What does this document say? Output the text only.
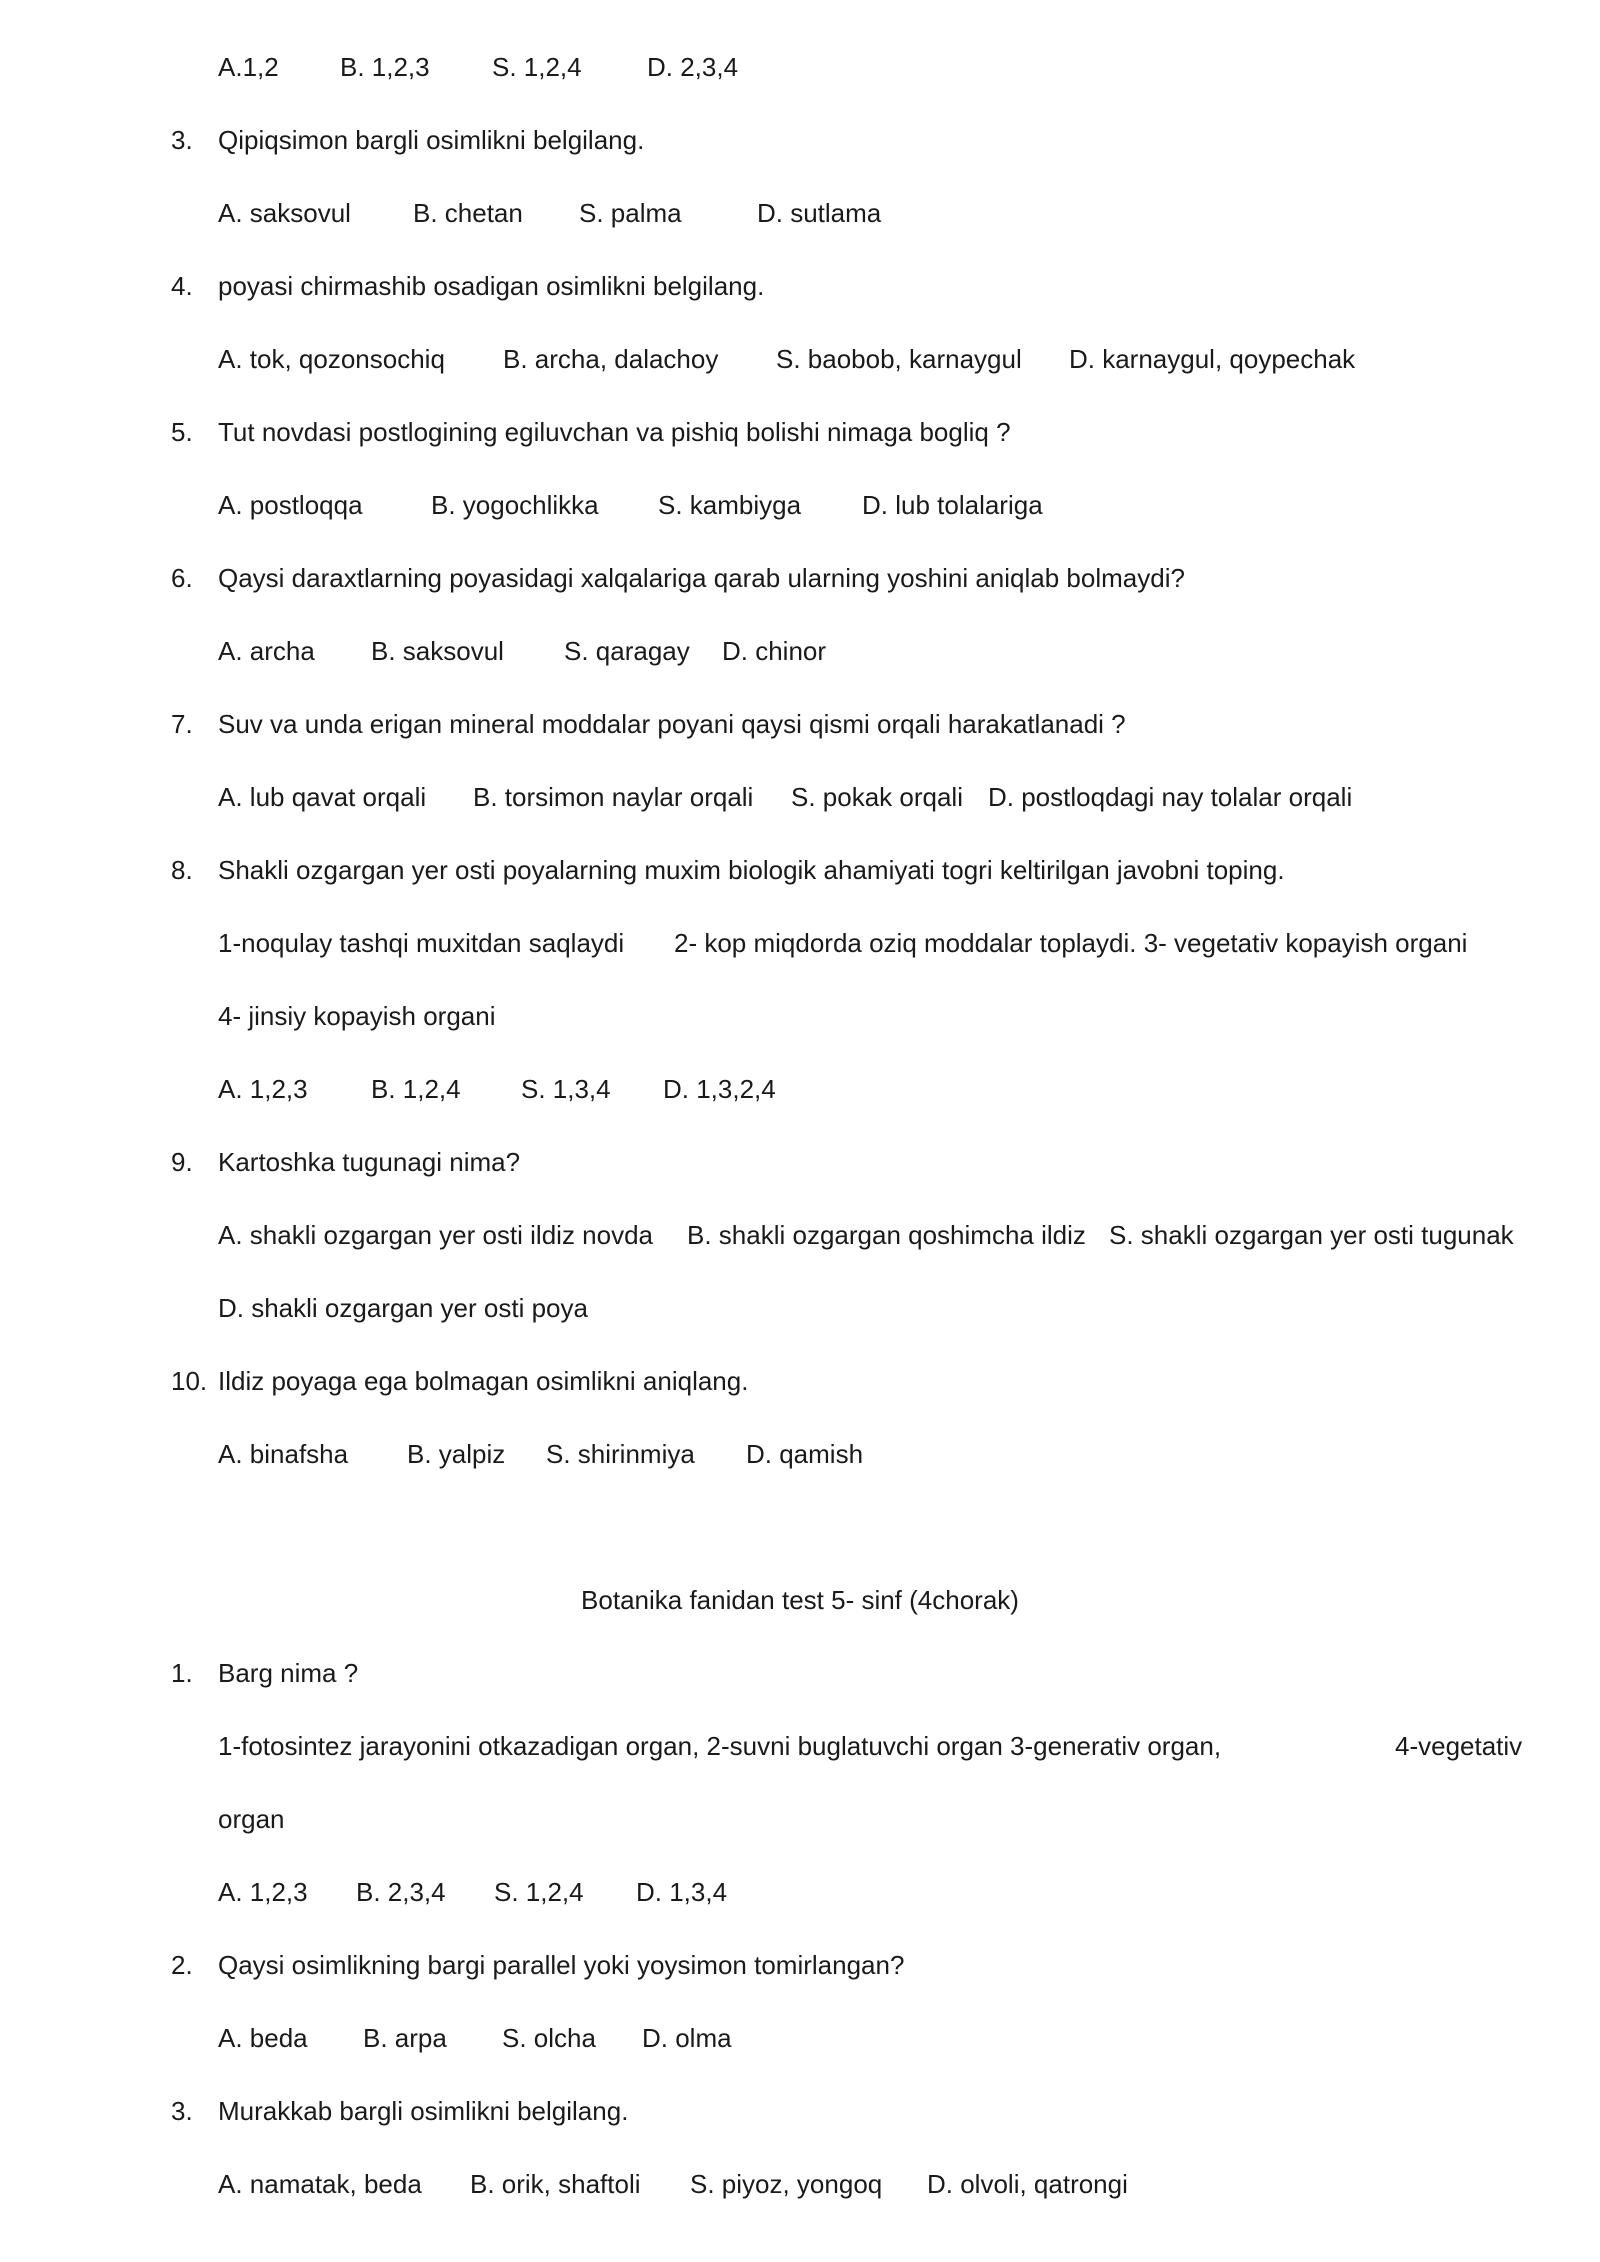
A.1,2 B. 1,2,3 S. 1,2,4	D. 2,3,4
3. Qipiqsimon bargli osimlikni belgilang.
A. saksovul B. chetan S. palma	D. sutlama
4. poyasi chirmashib osadigan osimlikni belgilang.
A. tok, qozonsochiq B. archa, dalachoy S. baobob, karnaygul D. karnaygul, qoypechak
5. Tut novdasi postlogining egiluvchan va pishiq bolishi nimaga bogliq ?
A. postloqqa	B. yogochlikka S. kambiyga D. lub tolalariga
6. Qaysi daraxtlarning poyasidagi xalqalariga qarab ularning yoshini aniqlab bolmaydi?
A. archa B. saksovul S. qaragay D. chinor
7. Suv va unda erigan mineral moddalar poyani qaysi qismi orqali harakatlanadi ?
A. lub qavat orqali B. torsimon naylar orqali S. pokak orqali D. postloqdagi nay tolalar orqali
8. Shakli ozgargan yer osti poyalarning muxim biologik ahamiyati togri keltirilgan javobni toping.
1-noqulay tashqi muxitdan saqlaydi 2- kop miqdorda oziq moddalar toplaydi. 3- vegetativ kopayish organi
4- jinsiy kopayish organi
A. 1,2,3 B. 1,2,4 S. 1,3,4 D. 1,3,2,4
9. Kartoshka tugunagi nima?
A. shakli ozgargan yer osti ildiz novda B. shakli ozgargan qoshimcha ildiz S. shakli ozgargan yer osti tugunak
D. shakli ozgargan yer osti poya
10. Ildiz poyaga ega bolmagan osimlikni aniqlang.
A. binafsha B. yalpiz S. shirinmiya D. qamish
Botanika fanidan test 5- sinf (4chorak)
1. Barg nima ?
1-fotosintez jarayonini otkazadigan organ, 2-suvni buglatuvchi organ 3-generativ organ,	4-vegetativ
organ
A. 1,2,3 B. 2,3,4 S. 1,2,4 D. 1,3,4
2. Qaysi osimlikning bargi parallel yoki yoysimon tomirlangan?
A. beda B. arpa S. olcha D. olma
3. Murakkab bargli osimlikni belgilang.
A. namatak, beda B. orik, shaftoli S. piyoz, yongoq D. olvoli, qatrongi
